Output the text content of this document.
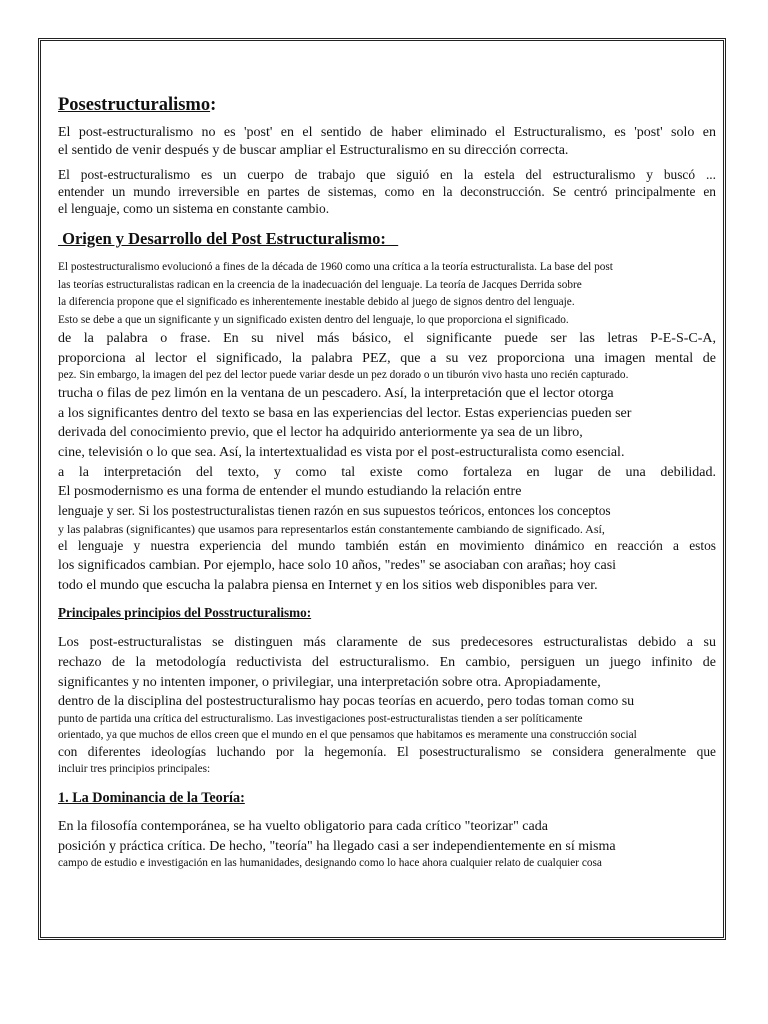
Posestructuralismo:
El post-estructuralismo no es 'post' en el sentido de haber eliminado el Estructuralismo, es 'post' solo en
el sentido de venir después y de buscar ampliar el Estructuralismo en su dirección correcta.
El post-estructuralismo es un cuerpo de trabajo que siguió en la estela del estructuralismo y buscó ...
entender un mundo irreversible en partes de sistemas, como en la deconstrucción. Se centró principalmente en
el lenguaje, como un sistema en constante cambio.
Origen y Desarrollo del Post Estructuralismo:
El postestructuralismo evolucionó a fines de la década de 1960 como una crítica a la teoría estructuralista. La base del post
las teorías estructuralistas radican en la creencia de la inadecuación del lenguaje. La teoría de Jacques Derrida sobre
la diferencia propone que el significado es inherentemente inestable debido al juego de signos dentro del lenguaje.
Esto se debe a que un significante y un significado existen dentro del lenguaje, lo que proporciona el significado.
de la palabra o frase. En su nivel más básico, el significante puede ser las letras P-E-S-C-A,
proporciona al lector el significado, la palabra PEZ, que a su vez proporciona una imagen mental de
pez. Sin embargo, la imagen del pez del lector puede variar desde un pez dorado o un tiburón vivo hasta uno recién capturado.
trucha o filas de pez limón en la ventana de un pescadero. Así, la interpretación que el lector otorga
a los significantes dentro del texto se basa en las experiencias del lector. Estas experiencias pueden ser
derivada del conocimiento previo, que el lector ha adquirido anteriormente ya sea de un libro,
cine, televisión o lo que sea. Así, la intertextualidad es vista por el post-estructuralista como esencial.
a la interpretación del texto, y como tal existe como fortaleza en lugar de una debilidad.
El posmodernismo es una forma de entender el mundo estudiando la relación entre
lenguaje y ser. Si los postestructuralistas tienen razón en sus supuestos teóricos, entonces los conceptos
y las palabras (significantes) que usamos para representarlos están constantemente cambiando de significado. Así,
el lenguaje y nuestra experiencia del mundo también están en movimiento dinámico en reacción a estos
los significados cambian. Por ejemplo, hace solo 10 años, "redes" se asociaban con arañas; hoy casi
todo el mundo que escucha la palabra piensa en Internet y en los sitios web disponibles para ver.
Principales principios del Posstructuralismo:
Los post-estructuralistas se distinguen más claramente de sus predecesores estructuralistas debido a su
rechazo de la metodología reductivista del estructuralismo. En cambio, persiguen un juego infinito de
significantes y no intenten imponer, o privilegiar, una interpretación sobre otra. Apropiadamente,
dentro de la disciplina del postestructuralismo hay pocas teorías en acuerdo, pero todas toman como su
punto de partida una crítica del estructuralismo. Las investigaciones post-estructuralistas tienden a ser políticamente
orientado, ya que muchos de ellos creen que el mundo en el que pensamos que habitamos es meramente una construcción social
con diferentes ideologías luchando por la hegemonía. El posestructuralismo se considera generalmente que
incluir tres principios principales:
1. La Dominancia de la Teoría:
En la filosofía contemporánea, se ha vuelto obligatorio para cada crítico "teorizar" cada
posición y práctica crítica. De hecho, "teoría" ha llegado casi a ser independientemente en sí misma
campo de estudio e investigación en las humanidades, designando como lo hace ahora cualquier relato de cualquier cosa
